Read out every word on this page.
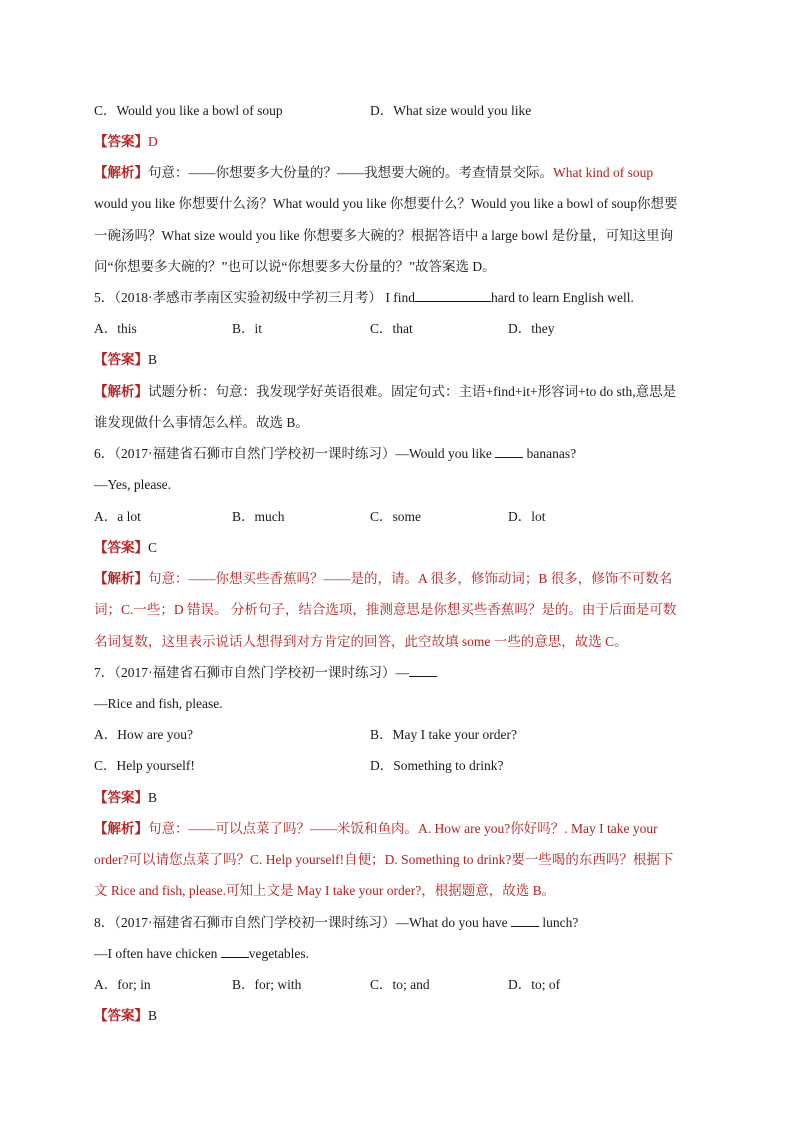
C．Would you like a bowl of soup	D．What size would you like
【答案】D
【解析】句意：——你想要多大份量的？——我想要大碗的。考查情景交际。What kind of soup
would you like 你想要什么汤？What would you like 你想要什么？Would you like a bowl of soup你想要
一碗汤吗？What size would you like 你想要多大碗的？根据答语中 a large bowl 是份量，可知这里询
问“你想要多大碗的？”也可以说“你想要多大份量的？”故答案选 D。
5．（2018·孝感市孝南区实验初级中学初三月考） I find	hard to learn English well.
A．this	B．it	C．that	D．they
【答案】B
【解析】试题分析：句意：我发现学好英语很难。固定句式：主语+find+it+形容词+to do sth,意思是
谁发现做什么事情怎么样。故选 B。
6．（2017·福建省石狮市自然门学校初一课时练习）—Would you like	bananas?
—Yes, please.
A．a lot	B．much	C．some	D．lot
【答案】C
【解析】句意：——你想买些香蕉吗？——是的，请。A 很多，修饰动词；B 很多，修饰不可数名
词；C.一些；D 错误。 分析句子，结合选项，推测意思是你想买些香蕉吗？是的。由于后面是可数
名词复数，这里表示说话人想得到对方肯定的回答，此空故填 some 一些的意思，故选 C。
7．（2017·福建省石狮市自然门学校初一课时练习）—
—Rice and fish, please.
A．How are you?	B．May I take your order?
C．Help yourself!	D．Something to drink?
【答案】B
【解析】句意：——可以点菜了吗？——米饭和鱼肉。A. How are you?你好吗？. May I take your
order?可以请您点菜了吗？C. Help yourself!自便；D. Something to drink?要一些喝的东西吗？根据下
文 Rice and fish, please.可知上文是 May I take your order?，根据题意，故选 B。
8．（2017·福建省石狮市自然门学校初一课时练习）—What do you have	lunch?
—I often have chicken vegetables.
A．for; in	B．for; with	C．to; and	D．to; of
【答案】B
